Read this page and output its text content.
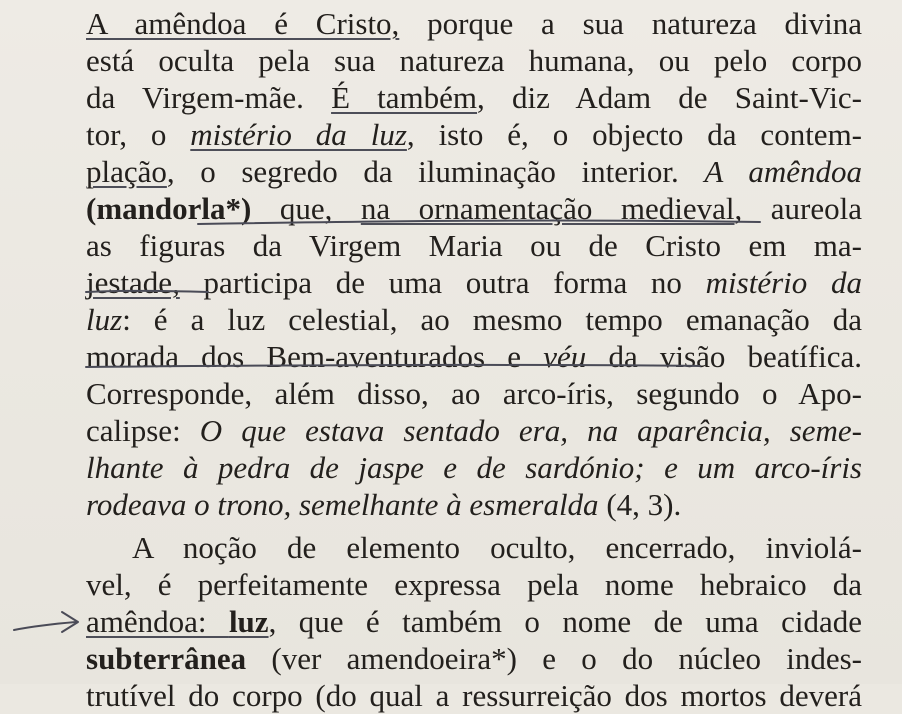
A amêndoa é Cristo, porque a sua natureza divina
está oculta pela sua natureza humana, ou pelo corpo
da Virgem-mãe. É também, diz Adam de Saint-Vic-
tor, o mistério da luz, isto é, o objecto da contem-
plação, o segredo da iluminação interior. A amêndoa
(mandorla*) que, na ornamentação medieval, aureola
as figuras da Virgem Maria ou de Cristo em ma-
jestade, participa de uma outra forma no mistério da
luz: é a luz celestial, ao mesmo tempo emanação da
morada dos Bem-aventurados e véu da visão beatífica.
Corresponde, além disso, ao arco-íris, segundo o Apo-
calipse: O que estava sentado era, na aparência, seme-
lhante à pedra de jaspe e de sardónio; e um arco-íris
rodeava o trono, semelhante à esmeralda (4, 3).
A noção de elemento oculto, encerrado, inviolá-
vel, é perfeitamente expressa pela nome hebraico da
amêndoa: luz, que é também o nome de uma cidade
subterrânea (ver amendoeira*) e o do núcleo indes-
trutível do corpo (do qual a ressurreição dos mortos deverá
